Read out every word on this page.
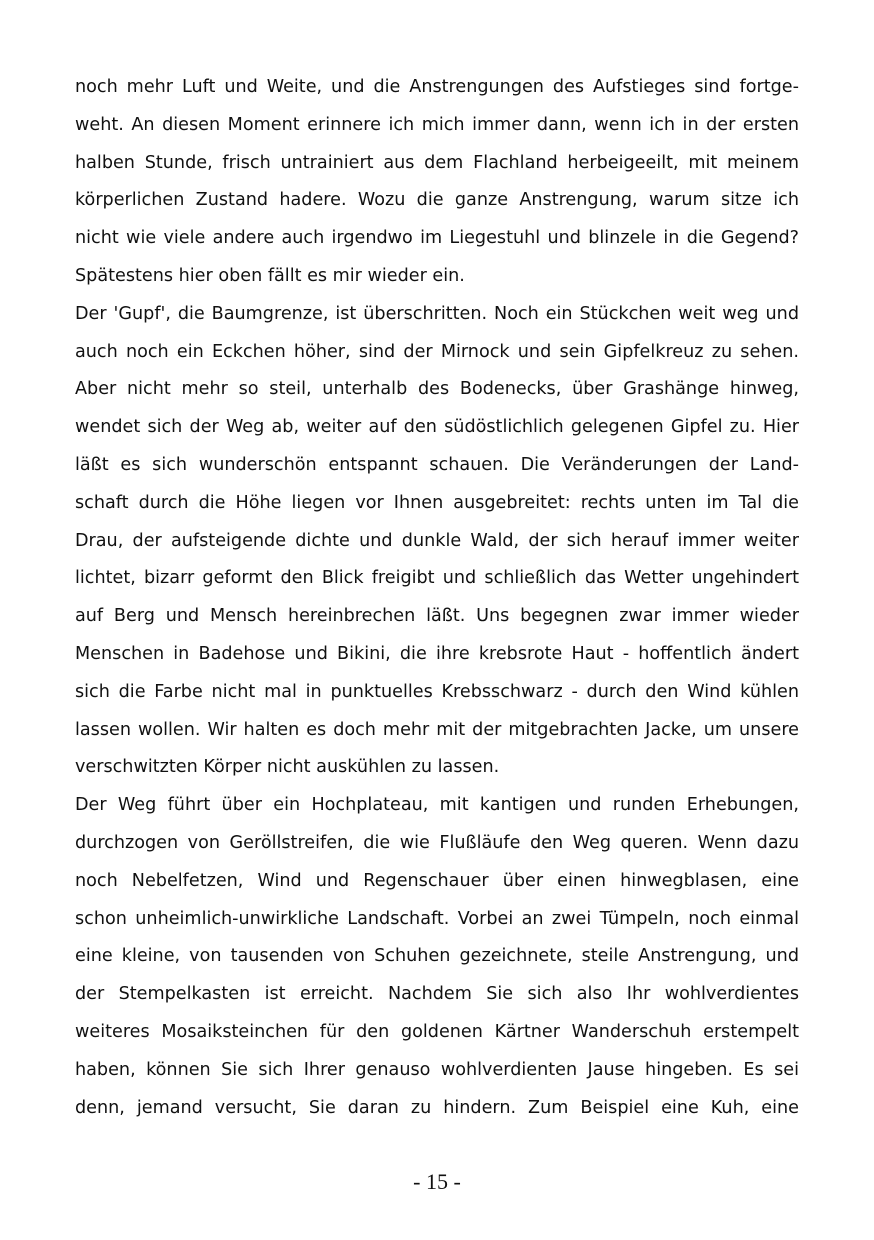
noch mehr Luft und Weite, und die Anstrengungen des Aufstieges sind fortge-
weht. An diesen Moment erinnere ich mich immer dann, wenn ich in der ersten
halben Stunde, frisch untrainiert aus dem Flachland herbeigeeilt, mit meinem
körperlichen Zustand hadere. Wozu die ganze Anstrengung, warum sitze ich
nicht wie viele andere auch irgendwo im Liegestuhl und blinzele in die Gegend?
Spätestens hier oben fällt es mir wieder ein.
Der 'Gupf', die Baumgrenze, ist überschritten. Noch ein Stückchen weit weg und
auch noch ein Eckchen höher, sind der Mirnock und sein Gipfelkreuz zu sehen.
Aber nicht mehr so steil, unterhalb des Bodenecks, über Grashänge hinweg,
wendet sich der Weg ab, weiter auf den südöstlichlich gelegenen Gipfel zu. Hier
läßt es sich wunderschön entspannt schauen. Die Veränderungen der Land-
schaft durch die Höhe liegen vor Ihnen ausgebreitet: rechts unten im Tal die
Drau, der aufsteigende dichte und dunkle Wald, der sich herauf immer weiter
lichtet, bizarr geformt den Blick freigibt und schließlich das Wetter ungehindert
auf Berg und Mensch hereinbrechen läßt. Uns begegnen zwar immer wieder
Menschen in Badehose und Bikini, die ihre krebsrote Haut - hoffentlich ändert
sich die Farbe nicht mal in punktuelles Krebsschwarz - durch den Wind kühlen
lassen wollen. Wir halten es doch mehr mit der mitgebrachten Jacke, um unsere
verschwitzten Körper nicht auskühlen zu lassen.
Der Weg führt über ein Hochplateau, mit kantigen und runden Erhebungen,
durchzogen von Geröllstreifen, die wie Flußläufe den Weg queren. Wenn dazu
noch Nebelfetzen, Wind und Regenschauer über einen hinwegblasen, eine
schon unheimlich-unwirkliche Landschaft. Vorbei an zwei Tümpeln, noch einmal
eine kleine, von tausenden von Schuhen gezeichnete, steile Anstrengung, und
der Stempelkasten ist erreicht. Nachdem Sie sich also Ihr wohlverdientes
weiteres Mosaiksteinchen für den goldenen Kärtner Wanderschuh erstempelt
haben, können Sie sich Ihrer genauso wohlverdienten Jause hingeben. Es sei
denn, jemand versucht, Sie daran zu hindern. Zum Beispiel eine Kuh, eine
- 15 -
